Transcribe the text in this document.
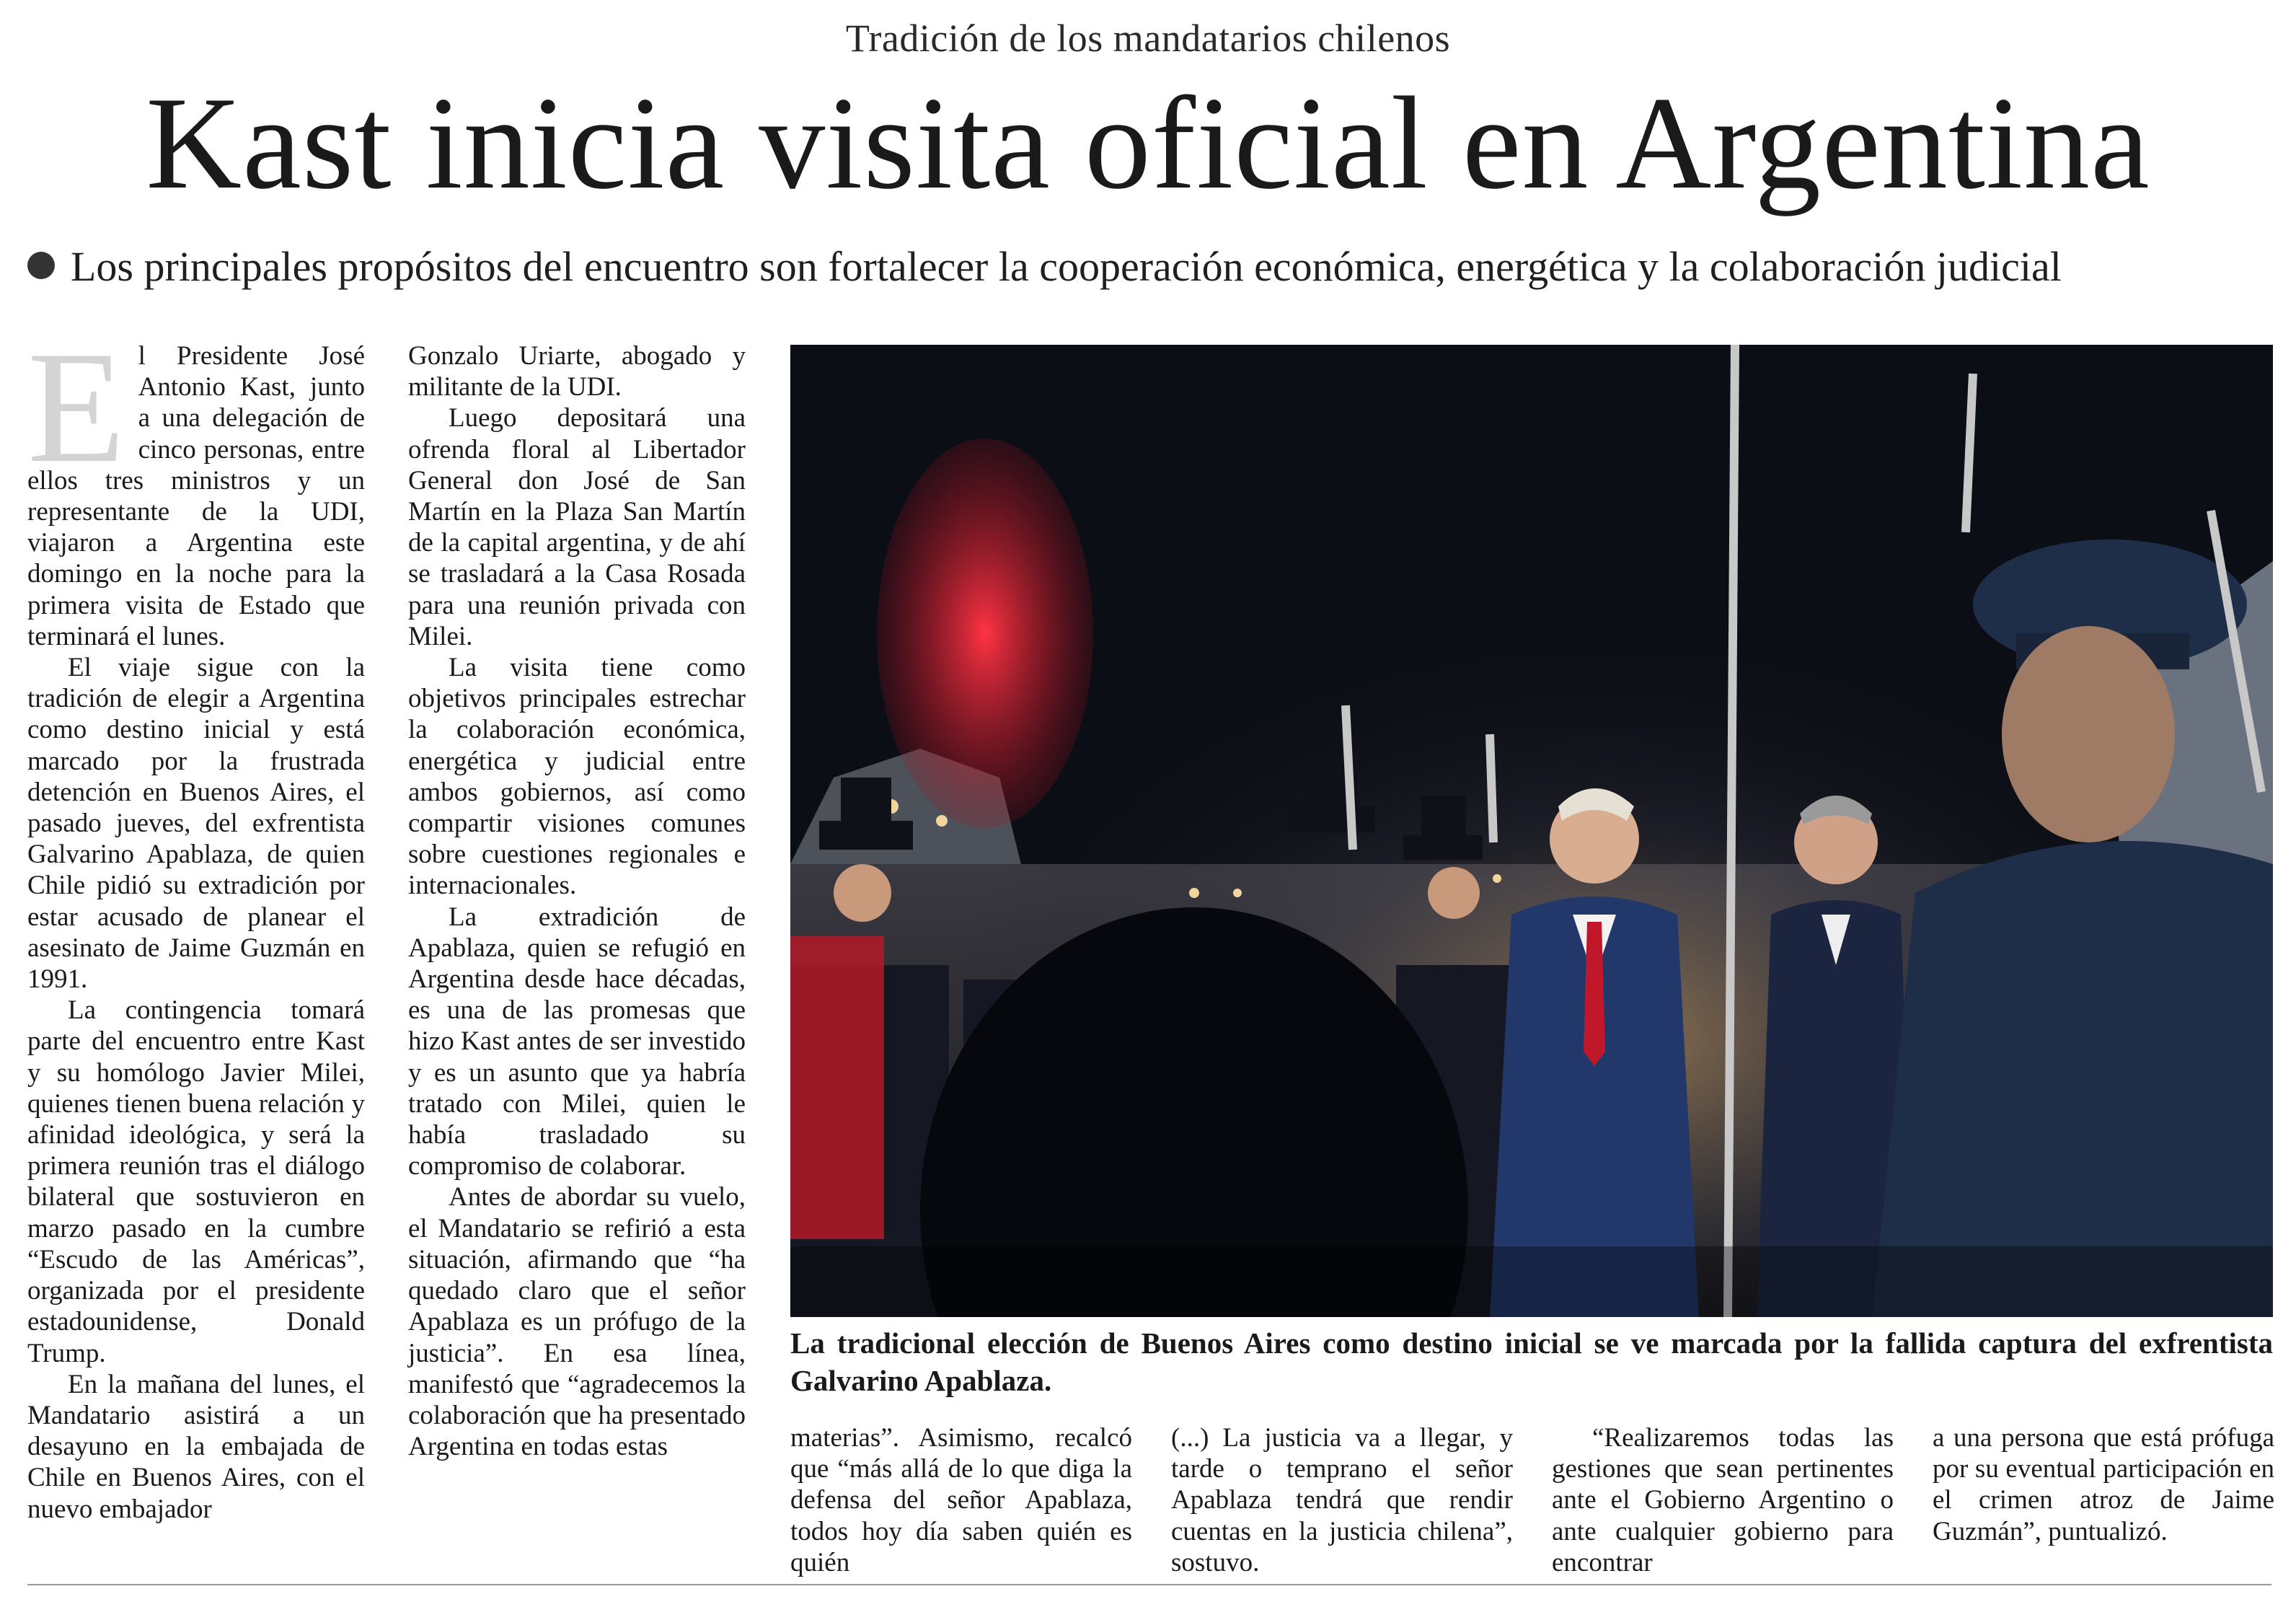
Tradición de los mandatarios chilenos
Kast inicia visita oficial en Argentina
Los principales propósitos del encuentro son fortalecer la cooperación económica, energética y la colaboración judicial
E l Presidente José Antonio Kast, junto a una delegación de cinco personas, entre ellos tres ministros y un representante de la UDI, viajaron a Argentina este domingo en la noche para la primera visita de Estado que terminará el lunes.

El viaje sigue con la tradición de elegir a Argentina como destino inicial y está marcado por la frustrada detención en Buenos Aires, el pasado jueves, del exfrentista Galvarino Apablaza, de quien Chile pidió su extradición por estar acusado de planear el asesinato de Jaime Guzmán en 1991.

La contingencia tomará parte del encuentro entre Kast y su homólogo Javier Milei, quienes tienen buena relación y afinidad ideológica, y será la primera reunión tras el diálogo bilateral que sostuvieron en marzo pasado en la cumbre “Escudo de las Américas”, organizada por el presidente estadounidense, Donald Trump.

En la mañana del lunes, el Mandatario asistirá a un desayuno en la embajada de Chile en Buenos Aires, con el nuevo embajador

Gonzalo Uriarte, abogado y militante de la UDI.

Luego depositará una ofrenda floral al Libertador General don José de San Martín en la Plaza San Martín de la capital argentina, y de ahí se trasladará a la Casa Rosada para una reunión privada con Milei.

La visita tiene como objetivos principales estrechar la colaboración económica, energética y judicial entre ambos gobiernos, así como compartir visiones comunes sobre cuestiones regionales e internacionales.

La extradición de Apablaza, quien se refugió en Argentina desde hace décadas, es una de las promesas que hizo Kast antes de ser investido y es un asunto que ya habría tratado con Milei, quien le había trasladado su compromiso de colaborar.

Antes de abordar su vuelo, el Mandatario se refirió a esta situación, afirmando que “ha quedado claro que el señor Apablaza es un prófugo de la justicia”. En esa línea, manifestó que “agradecemos la colaboración que ha presentado Argentina en todas estas

La tradicional elección de Buenos Aires como destino inicial se ve marcada por la fallida captura del exfrentista Galvarino Apablaza.

materias”. Asimismo, recalcó que “más allá de lo que diga la defensa del señor Apablaza, todos hoy día saben quién es quién

(...) La justicia va a llegar, y tarde o temprano el señor Apablaza tendrá que rendir cuentas en la justicia chilena”, sostuvo.

“Realizaremos todas las gestiones que sean pertinentes ante el Gobierno Argentino o ante cualquier gobierno para encontrar

a una persona que está prófuga por su eventual participación en el crimen atroz de Jaime Guzmán”, puntualizó.
